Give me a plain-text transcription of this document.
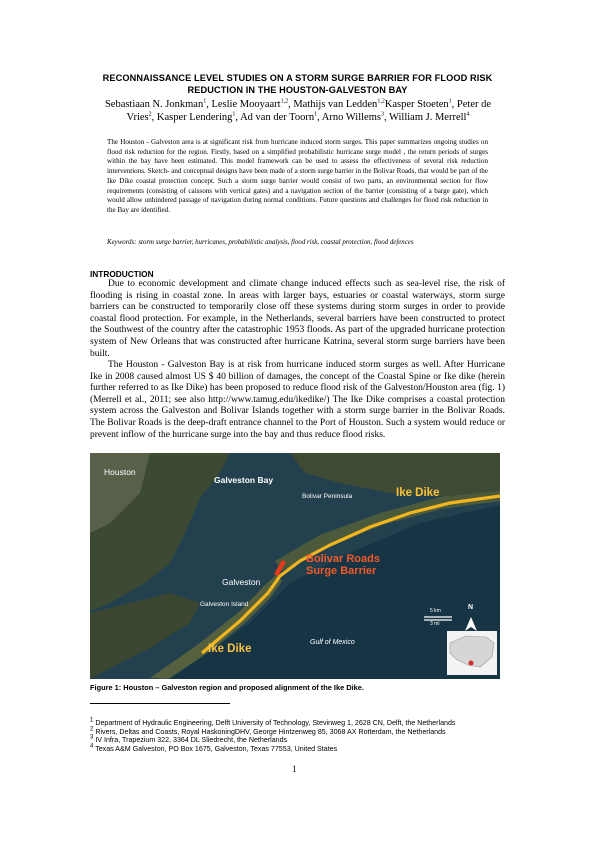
RECONNAISSANCE LEVEL STUDIES ON A STORM SURGE BARRIER FOR FLOOD RISK REDUCTION IN THE HOUSTON-GALVESTON BAY
Sebastiaan N. Jonkman$^1$, Leslie Mooyaart$^{1,2}$, Mathijs van Ledden$^{1,2}$Kasper Stoeten$^1$, Peter de Vries$^2$, Kasper Lendering$^1$, Ad van der Toorn$^1$, Arno Willems$^3$, William J. Merrell$^4$
The Houston - Galveston area is at significant risk from hurricane induced storm surges. This paper summarizes ongoing studies on flood risk reduction for the region. Firstly, based on a simplified probabilistic hurricane surge model , the return periods of surges within the bay have been estimated. This model framework can be used to assess the effectiveness of several risk reduction interventions. Sketch- and conceptual designs have been made of a storm surge barrier in the Bolivar Roads, that would be part of the Ike Dike coastal protection concept. Such a storm surge barrier would consist of two parts, an environmental section for flow requirements (consisting of caissons with vertical gates) and a navigation section of the barrier (consisting of a barge gate), which would allow unhindered passage of navigation during normal conditions. Future questions and challenges for flood risk reduction in the Bay are identified.
Keywords: storm surge barrier, hurricanes, probabilistic analysis, flood risk, coastal protection, flood defences
INTRODUCTION

Due to economic development and climate change induced effects such as sea-level rise, the risk of flooding is rising in coastal zone. In areas with larger bays, estuaries or coastal waterways, storm surge barriers can be constructed to temporarily close off these systems during storm surges in order to provide coastal flood protection. For example, in the Netherlands, several barriers have been constructed to protect the Southwest of the country after the catastrophic 1953 floods. As part of the upgraded hurricane protection system of New Orleans that was constructed after hurricane Katrina, several storm surge barriers have been built.

The Houston - Galveston Bay is at risk from hurricane induced storm surges as well. After Hurricane Ike in 2008 caused almost US $ 40 billion of damages, the concept of the Coastal Spine or Ike dike (herein further referred to as Ike Dike) has been proposed to reduce flood risk of the Galveston/Houston area (fig. 1) (Merrell et al., 2011; see also http://www.tamug.edu/ikedike/) The Ike Dike comprises a coastal protection system across the Galveston and Bolivar Islands together with a storm surge barrier in the Bolivar Roads. The Bolivar Roads is the deep-draft entrance channel to the Port of Houston. Such a system would reduce or prevent inflow of the hurricane surge into the bay and thus reduce flood risks.

Houston
Galveston Bay
Bolivar Peninsula	Ike Dike
Bolivar Roads
Surge Barrier
Galveston
Galveston Island
Ike Dike
Gulf of Mexico
5 km
3 mi
N
Figure 1: Houston – Galveston region and proposed alignment of the Ike Dike.
$^1$ Department of Hydraulic Engineering, Delft University of Technology, Stevinweg 1, 2628 CN, Delft, the Netherlands
$^2$ Rivers, Deltas and Coasts, Royal HaskoningDHV, George Hintzenweg 85, 3068 AX Rotterdam, the Netherlands
$^3$ IV Infra, Trapezium 322, 3364 DL Sliedrecht, the Netherlands
$^4$ Texas A&M Galveston, PO Box 1675, Galveston, Texas 77553, United States
1
